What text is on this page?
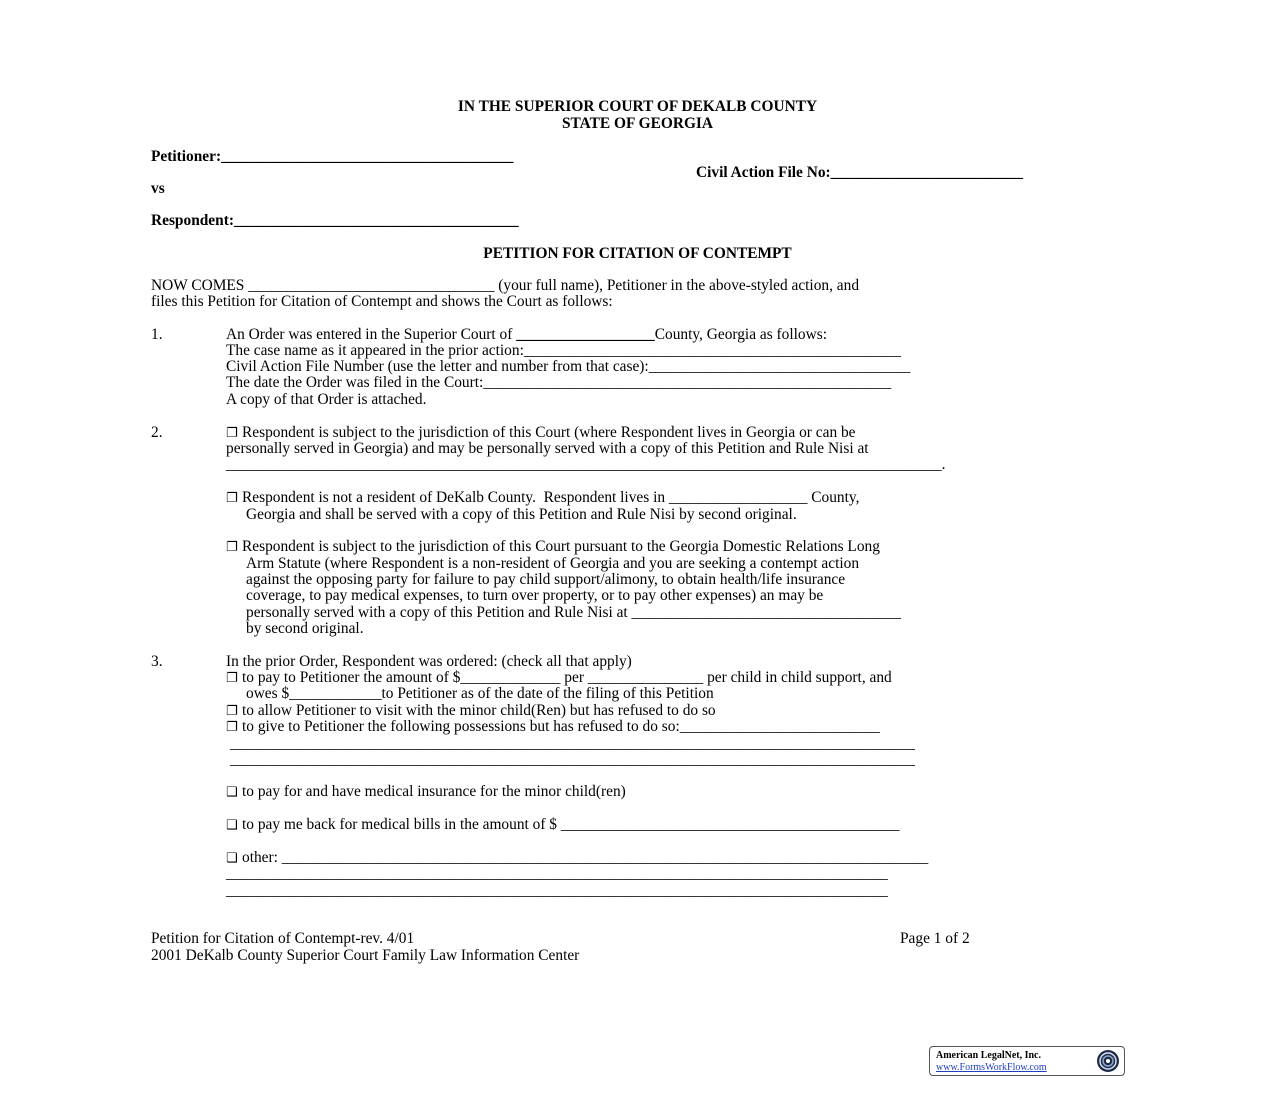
IN THE SUPERIOR COURT OF DEKALB COUNTY
STATE OF GEORGIA
Petitioner:______________________________________
Civil Action File No:_________________________
vs
Respondent:_____________________________________
PETITION FOR CITATION OF CONTEMPT
NOW COMES ________________________________ (your full name), Petitioner in the above-styled action, and
files this Petition for Citation of Contempt and shows the Court as follows:
1.	An Order was entered in the Superior Court of __________________County, Georgia as follows:
The case name as it appeared in the prior action:_________________________________________________
Civil Action File Number (use the letter and number from that case):__________________________________
The date the Order was filed in the Court:_____________________________________________________
A copy of that Order is attached.
2.	❐ Respondent is subject to the jurisdiction of this Court (where Respondent lives in Georgia or can be
personally served in Georgia) and may be personally served with a copy of this Petition and Rule Nisi at
_____________________________________________________________________________________________.
❐ Respondent is not a resident of DeKalb County.  Respondent lives in __________________ County,
Georgia and shall be served with a copy of this Petition and Rule Nisi by second original.
❐ Respondent is subject to the jurisdiction of this Court pursuant to the Georgia Domestic Relations Long
Arm Statute (where Respondent is a non-resident of Georgia and you are seeking a contempt action
against the opposing party for failure to pay child support/alimony, to obtain health/life insurance
coverage, to pay medical expenses, to turn over property, or to pay other expenses) an may be
personally served with a copy of this Petition and Rule Nisi at ___________________________________
by second original.
3.	In the prior Order, Respondent was ordered: (check all that apply)
❐ to pay to Petitioner the amount of $_____________ per _______________ per child in child support, and
owes $____________to Petitioner as of the date of the filing of this Petition
❐ to allow Petitioner to visit with the minor child(Ren) but has refused to do so
❐ to give to Petitioner the following possessions but has refused to do so:__________________________
_________________________________________________________________________________________
_________________________________________________________________________________________
❑ to pay for and have medical insurance for the minor child(ren)
❑ to pay me back for medical bills in the amount of $ ____________________________________________
❑ other: ____________________________________________________________________________________
______________________________________________________________________________________
______________________________________________________________________________________
Petition for Citation of Contempt-rev. 4/01	Page 1 of 2
2001 DeKalb County Superior Court Family Law Information Center
American LegalNet, Inc.
www.FormsWorkFlow.com
